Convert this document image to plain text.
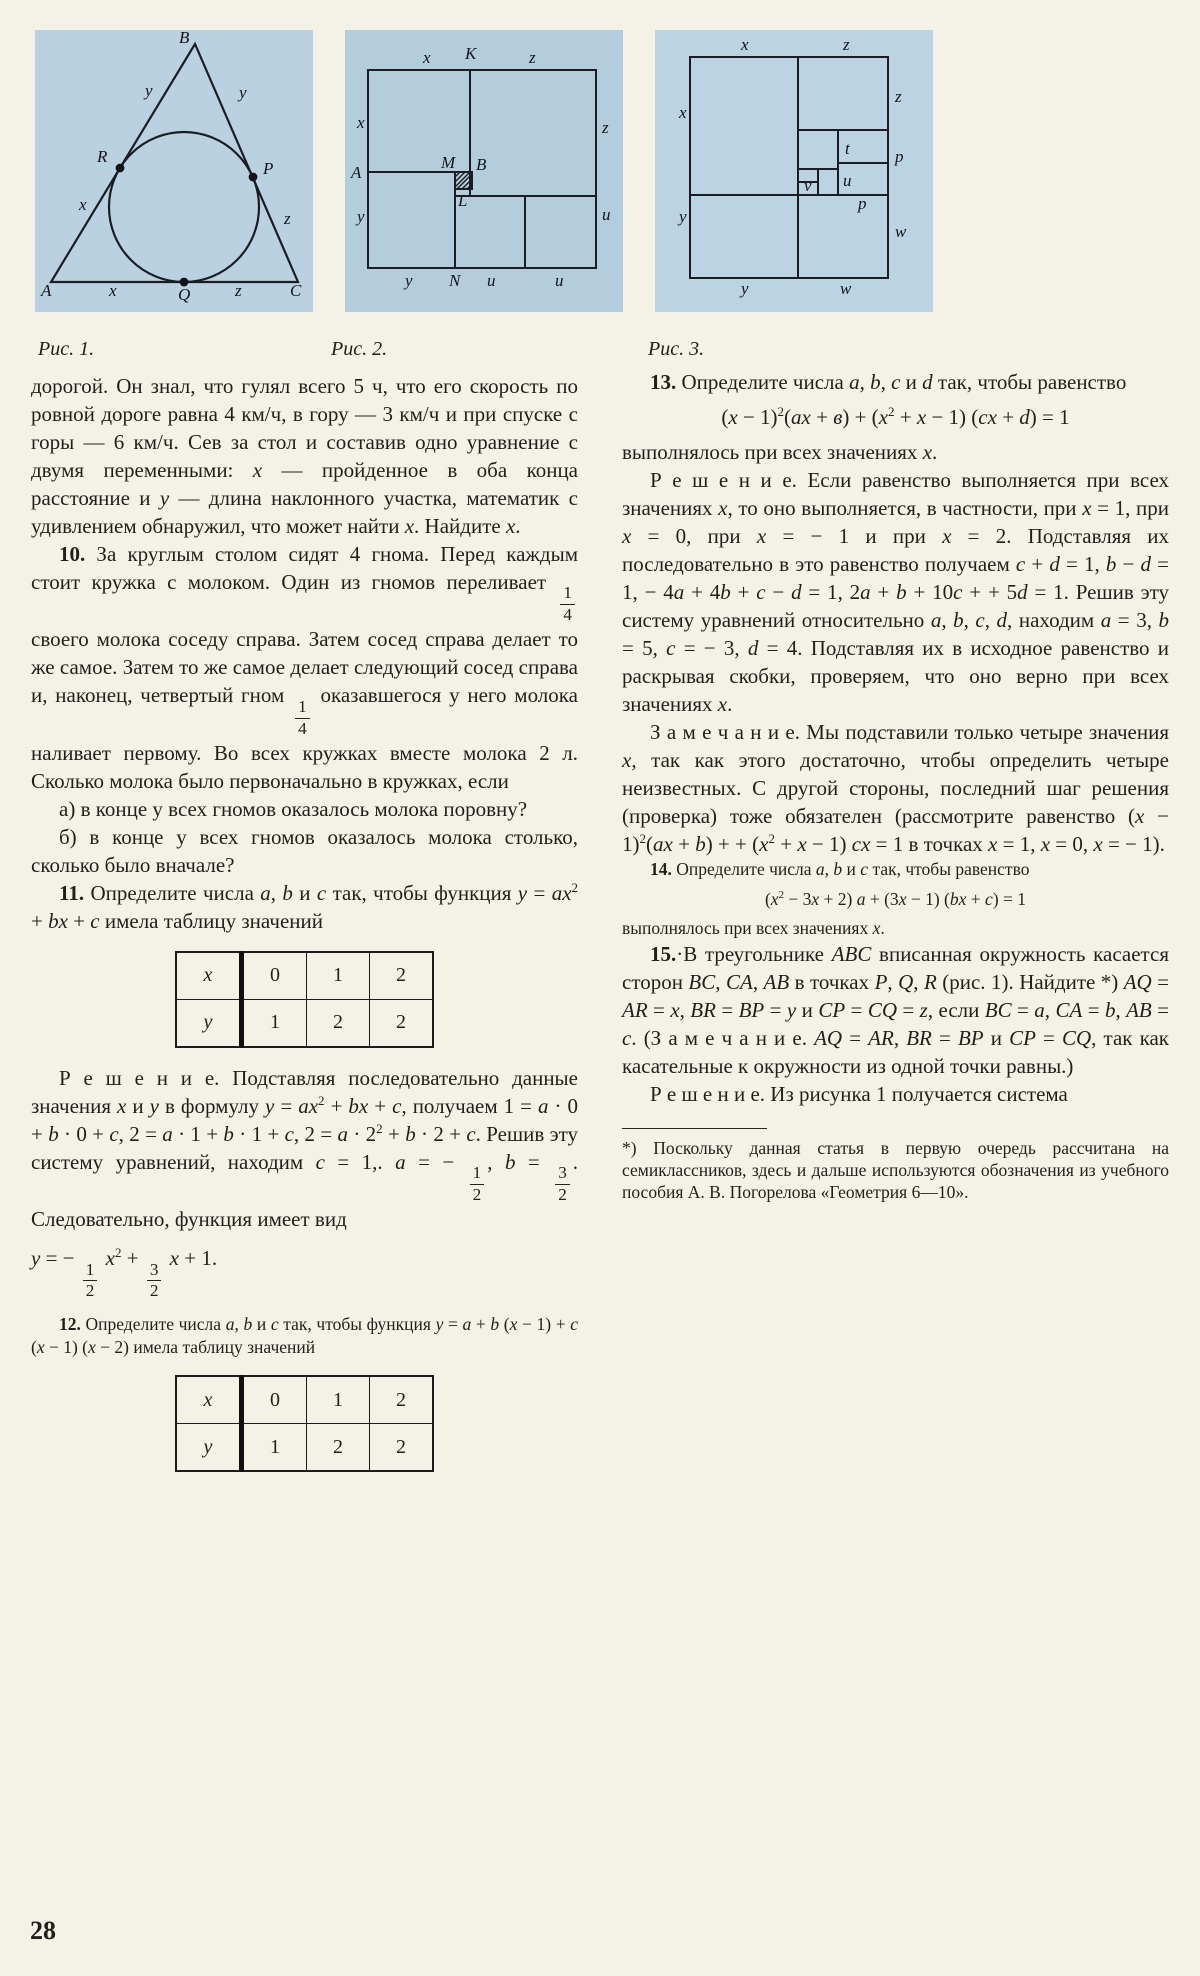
B
y	y
R
P
x
z
A	x	Q	z	C
x K	z
x
A
y
M B
L
z
u
y N u	u
x	z
x
y
z
p
w
t
u
v
p
y	w
Рис. 1.	Рис. 2.	Рис. 3.

дорогой. Он знал, что гулял всего 5 ч, что его скорость по ровной дороге равна 4 км/ч, в гору — 3 км/ч и при спуске с горы — 6 км/ч. Сев за стол и составив одно уравнение с двумя переменными: x — пройденное в оба конца расстояние и у — длина наклонного участка, математик с удивлением обнаружил, что может найти x. Найдите x.

10. За круглым столом сидят 4 гнома. Перед каждым стоит кружка с молоком. Один из гномов переливает
$\frac{1}{4}$
своего молока соседу справа. Затем сосед справа делает то же самое. Затем то же самое делает следующий сосед справа и, наконец, четвертый гном
$\frac{1}{4}$
оказавшегося у него молока наливает первому. Во всех кружках вместе молока 2 л. Сколько молока было первоначально в кружках, если

а) в конце у всех гномов оказалось молока поровну?

б) в конце у всех гномов оказалось молока столько, сколько было вначале?

11. Определите числа a, b и c так, чтобы функция $y = ax^2$ + bx + c имела таблицу значений

x	0	1	2
y	1	2	2

Р е ш е н и е. Подставляя последовательно данные значения x и у в формулу $y = ax^2$ + bx + c, получаем 1 = a · 0 + b · 0 + c, 2 = a · 1 + b · 1 + c, $2 = a \cdot 2^2 + b \cdot 2 + c$. Решив эту систему уравнений, находим c = 1,. a = −
$\frac{1}{2}$
, b =
$\frac{3}{2}$
. Следовательно, функция имеет вид

y = −
$\frac{1}{2}$
$x^2$ +
$\frac{3}{2}$
x + 1.

12. Определите числа a, b и c так, чтобы функция у = a + b (x − 1) + c (x − 1) (x − 2) имела таблицу значений

x	0	1	2
y	1	2	2

13. Определите числа a, b, c и d так, чтобы равенство

$(x - 1)^2(ax + в) + (x^2 + x - 1)$ (cx + d) = 1

выполнялось при всех значениях x.

Р е ш е н и е. Если равенство выполняется при всех значениях x, то оно выполняется, в частности, при x = 1, при x = 0, при x = − 1 и при x = 2. Подставляя их последовательно в это равенство получаем c + d = 1, b − d = 1, − 4a + 4b + c − d = 1, 2a + b + 10c + + 5d = 1. Решив эту систему уравнений относительно a, b, c, d, находим a = 3, b = 5, c = − 3, d = 4. Подставляя их в исходное равенство и раскрывая скобки, проверяем, что оно верно при всех значениях x.

З а м е ч а н и е. Мы подставили только четыре значения x, так как этого достаточно, чтобы определить четыре неизвестных. С другой стороны, последний шаг решения (проверка) тоже обязателен (рассмотрите равенство $(x - 1)^2(ax + b)$ + + $(x^2 + x - 1)$ cx = 1 в точках x = 1, x = 0, x = − 1).

14. Определите числа a, b и c так, чтобы равенство

$(x^2 - 3x + 2) a + (3x - 1) (bx + c) = 1$

выполнялось при всех значениях x.

15.·В треугольнике ABC вписанная окружность касается сторон BC, CA, AB в точках P, Q, R (рис. 1). Найдите *) AQ = AR = x, BR = BP = y и CP = CQ = z, если BC = a, CA = b, AB = c. (З а м е ч а н и е. AQ = AR, BR = BP и CP = CQ, так как касательные к окружности из одной точки равны.)

Р е ш е н и е. Из рисунка 1 получается система

*) Поскольку данная статья в первую очередь рассчитана на семиклассников, здесь и дальше используются обозначения из учебного пособия А. В. Погорелова «Геометрия 6—10».

28
